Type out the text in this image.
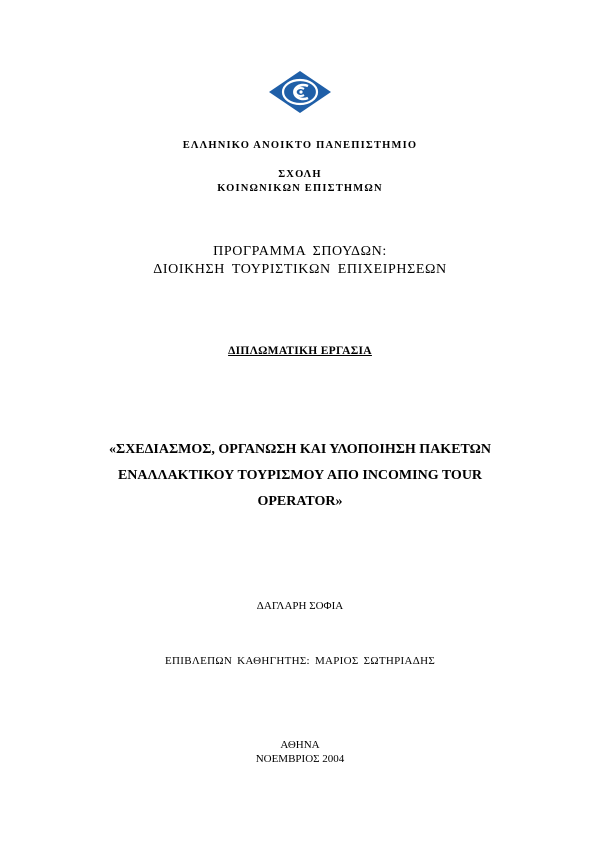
ΕΛΛΗΝΙΚΟ ΑΝΟΙΚΤΟ ΠΑΝΕΠΙΣΤΗΜΙΟ
ΣΧΟΛΗ
ΚΟΙΝΩΝΙΚΩΝ ΕΠΙΣΤΗΜΩΝ
ΠΡΟΓΡΑΜΜΑ ΣΠΟΥΔΩΝ:
ΔΙΟΙΚΗΣΗ ΤΟΥΡΙΣΤΙΚΩΝ ΕΠΙΧΕΙΡΗΣΕΩΝ
ΔΙΠΛΩΜΑΤΙΚΗ ΕΡΓΑΣΙΑ
«ΣΧΕΔΙΑΣΜΟΣ, ΟΡΓΑΝΩΣΗ ΚΑΙ ΥΛΟΠΟΙΗΣΗ ΠΑΚΕΤΩΝ
ΕΝΑΛΛΑΚΤΙΚΟΥ ΤΟΥΡΙΣΜΟΥ ΑΠΟ INCOMING TOUR
OPERATOR»
ΔΑΓΛΑΡΗ ΣΟΦΙΑ
ΕΠΙΒΛΕΠΩΝ ΚΑΘΗΓΗΤΗΣ: ΜΑΡΙΟΣ ΣΩΤΗΡΙΑΔΗΣ
ΑΘΗΝΑ
ΝΟΕΜΒΡΙΟΣ 2004
